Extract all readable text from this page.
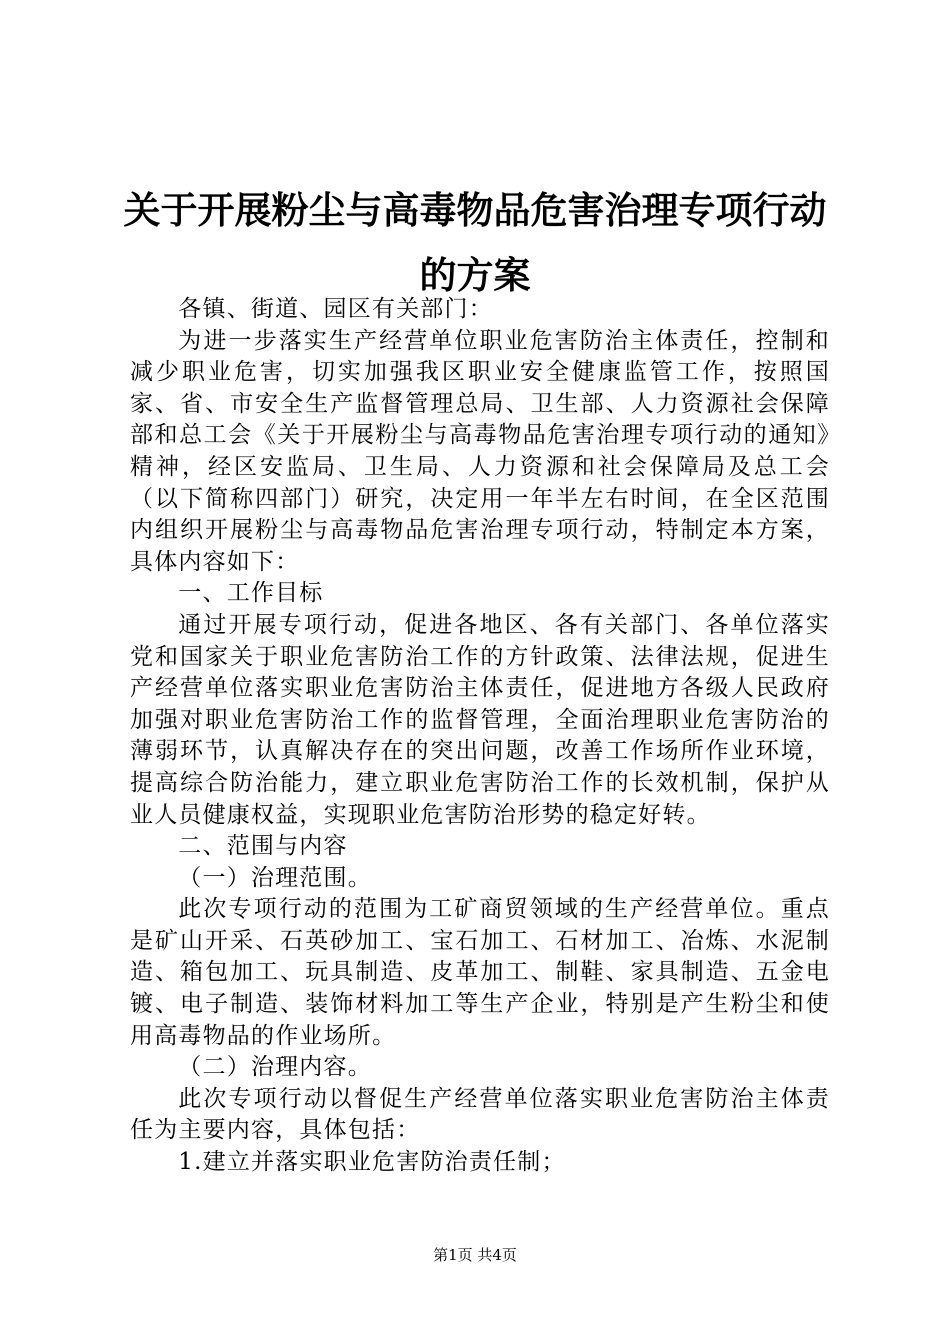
关于开展粉尘与高毒物品危害治理专项行动的方案

各镇、街道、园区有关部门：

为进一步落实生产经营单位职业危害防治主体责任，控制和减少职业危害，切实加强我区职业安全健康监管工作，按照国家、省、市安全生产监督管理总局、卫生部、人力资源社会保障部和总工会《关于开展粉尘与高毒物品危害治理专项行动的通知》精神，经区安监局、卫生局、人力资源和社会保障局及总工会（以下简称四部门）研究，决定用一年半左右时间，在全区范围内组织开展粉尘与高毒物品危害治理专项行动，特制定本方案，具体内容如下：

一、工作目标

通过开展专项行动，促进各地区、各有关部门、各单位落实党和国家关于职业危害防治工作的方针政策、法律法规，促进生产经营单位落实职业危害防治主体责任，促进地方各级人民政府加强对职业危害防治工作的监督管理，全面治理职业危害防治的薄弱环节，认真解决存在的突出问题，改善工作场所作业环境，提高综合防治能力，建立职业危害防治工作的长效机制，保护从业人员健康权益，实现职业危害防治形势的稳定好转。

二、范围与内容

（一）治理范围。

此次专项行动的范围为工矿商贸领域的生产经营单位。重点是矿山开采、石英砂加工、宝石加工、石材加工、冶炼、水泥制造、箱包加工、玩具制造、皮革加工、制鞋、家具制造、五金电镀、电子制造、装饰材料加工等生产企业，特别是产生粉尘和使用高毒物品的作业场所。

（二）治理内容。

此次专项行动以督促生产经营单位落实职业危害防治主体责任为主要内容，具体包括：

1.建立并落实职业危害防治责任制；

第1页 共4页
